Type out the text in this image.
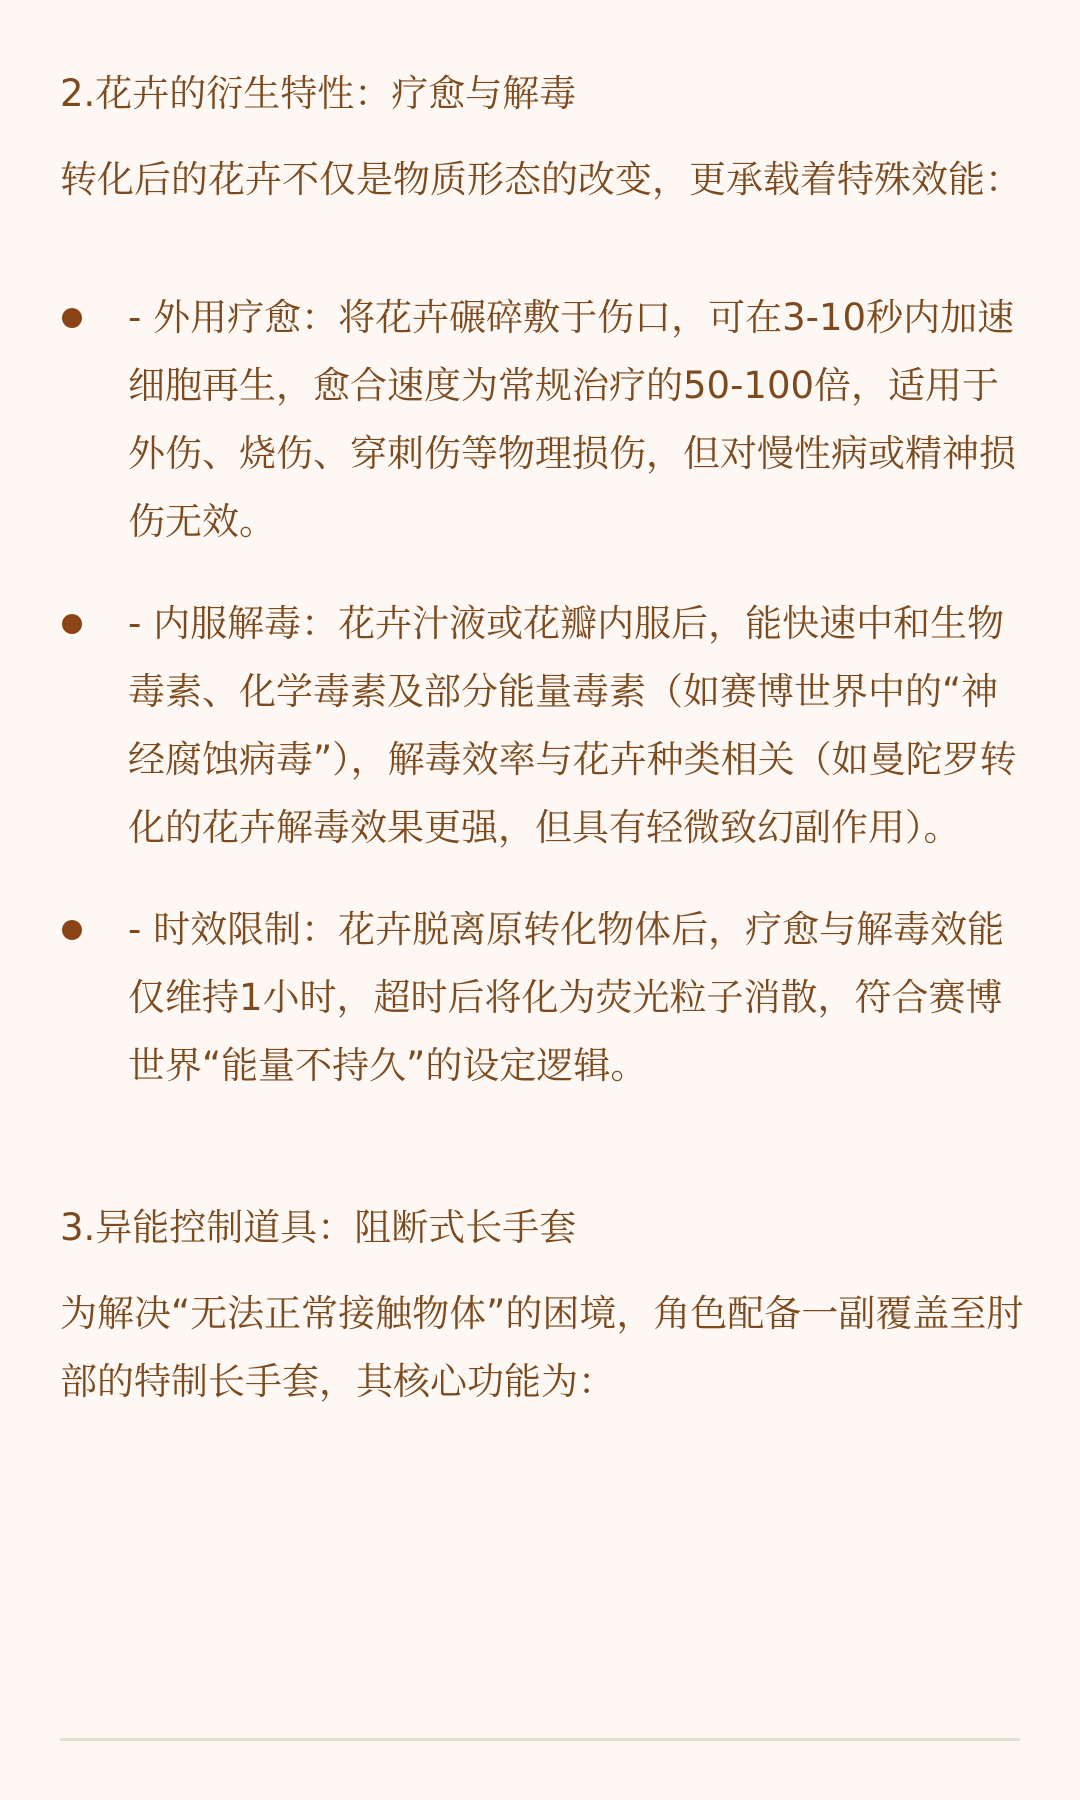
2.花卉的衍生特性：疗愈与解毒

转化后的花卉不仅是物质形态的改变，更承载着特殊效能：

- 外用疗愈：将花卉碾碎敷于伤口，可在3-10秒内加速细胞再生，愈合速度为常规治疗的50-100倍，适用于外伤、烧伤、穿刺伤等物理损伤，但对慢性病或精神损伤无效。
- 内服解毒：花卉汁液或花瓣内服后，能快速中和生物毒素、化学毒素及部分能量毒素（如赛博世界中的“神经腐蚀病毒”），解毒效率与花卉种类相关（如曼陀罗转化的花卉解毒效果更强，但具有轻微致幻副作用）。
- 时效限制：花卉脱离原转化物体后，疗愈与解毒效能仅维持1小时，超时后将化为荧光粒子消散，符合赛博世界“能量不持久”的设定逻辑。
3.异能控制道具：阻断式长手套

为解决“无法正常接触物体”的困境，角色配备一副覆盖至肘部的特制长手套，其核心功能为：
